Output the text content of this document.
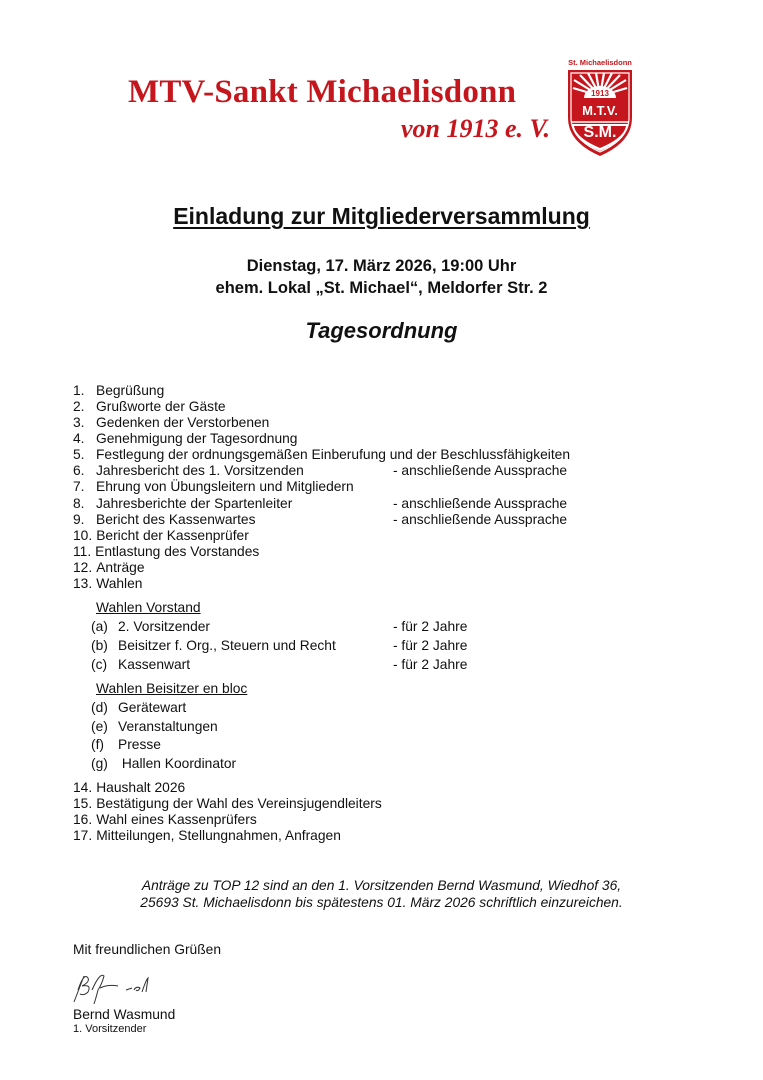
MTV-Sankt Michaelisdonn
von 1913 e. V.
St. Michaelisdonn
1913
M.T.V.
S.M.
Einladung zur Mitgliederversammlung
Dienstag, 17. März 2026, 19:00 Uhr
ehem. Lokal „St. Michael“, Meldorfer Str. 2
Tagesordnung
1. Begrüßung
2. Grußworte der Gäste
3. Gedenken der Verstorbenen
4. Genehmigung der Tagesordnung
5. Festlegung der ordnungsgemäßen Einberufung und der Beschlussfähigkeiten
6. Jahresbericht des 1. Vorsitzenden	- anschließende Aussprache
7. Ehrung von Übungsleitern und Mitgliedern
8. Jahresberichte der Spartenleiter	- anschließende Aussprache
9. Bericht des Kassenwartes	- anschließende Aussprache
10. Bericht der Kassenprüfer
11. Entlastung des Vorstandes
12. Anträge
13. Wahlen
Wahlen Vorstand
(a) 2. Vorsitzender	- für 2 Jahre
(b) Beisitzer f. Org., Steuern und Recht	- für 2 Jahre
(c) Kassenwart	- für 2 Jahre
Wahlen Beisitzer en bloc
(d) Gerätewart
(e) Veranstaltungen
(f) Presse
(g) Hallen Koordinator
14. Haushalt 2026
15. Bestätigung der Wahl des Vereinsjugendleiters
16. Wahl eines Kassenprüfers
17. Mitteilungen, Stellungnahmen, Anfragen
Anträge zu TOP 12 sind an den 1. Vorsitzenden Bernd Wasmund, Wiedhof 36,
25693 St. Michaelisdonn bis spätestens 01. März 2026 schriftlich einzureichen.
Mit freundlichen Grüßen
Bernd Wasmund
1. Vorsitzender
